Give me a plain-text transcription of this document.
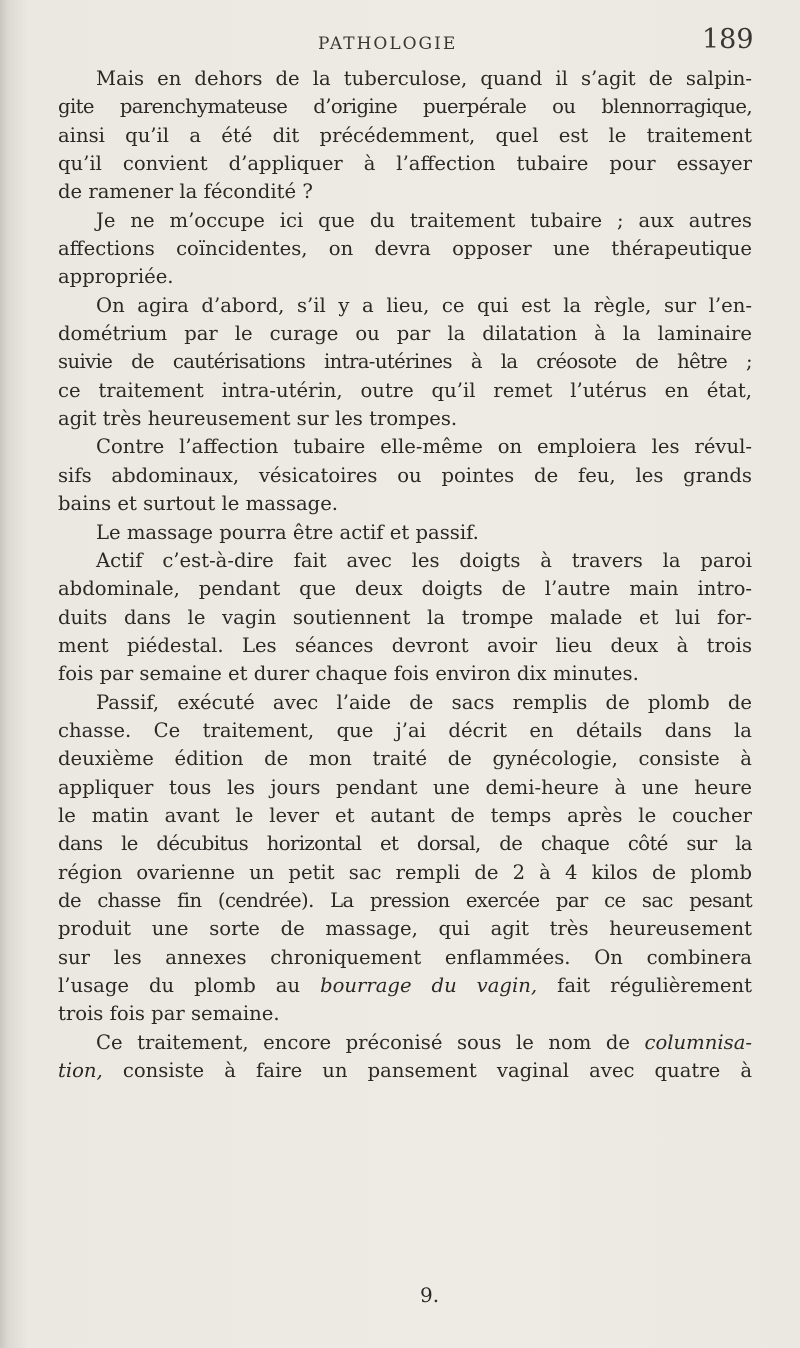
PATHOLOGIE	189
Mais en dehors de la tuberculose, quand il s’agit de salpin-
gite parenchymateuse d’origine puerpérale ou blennorragique,
ainsi qu’il a été dit précédemment, quel est le traitement
qu’il convient d’appliquer à l’affection tubaire pour essayer
de ramener la fécondité ?
Je ne m’occupe ici que du traitement tubaire ; aux autres
affections coïncidentes, on devra opposer une thérapeutique
appropriée.
On agira d’abord, s’il y a lieu, ce qui est la règle, sur l’en-
dométrium par le curage ou par la dilatation à la laminaire
suivie de cautérisations intra-utérines à la créosote de hêtre ;
ce traitement intra-utérin, outre qu’il remet l’utérus en état,
agit très heureusement sur les trompes.
Contre l’affection tubaire elle-même on emploiera les révul-
sifs abdominaux, vésicatoires ou pointes de feu, les grands
bains et surtout le massage.
Le massage pourra être actif et passif.
Actif c’est-à-dire fait avec les doigts à travers la paroi
abdominale, pendant que deux doigts de l’autre main intro-
duits dans le vagin soutiennent la trompe malade et lui for-
ment piédestal. Les séances devront avoir lieu deux à trois
fois par semaine et durer chaque fois environ dix minutes.
Passif, exécuté avec l’aide de sacs remplis de plomb de
chasse. Ce traitement, que j’ai décrit en détails dans la
deuxième édition de mon traité de gynécologie, consiste à
appliquer tous les jours pendant une demi-heure à une heure
le matin avant le lever et autant de temps après le coucher
dans le décubitus horizontal et dorsal, de chaque côté sur la
région ovarienne un petit sac rempli de 2 à 4 kilos de plomb
de chasse fin (cendrée). La pression exercée par ce sac pesant
produit une sorte de massage, qui agit très heureusement
sur les annexes chroniquement enflammées. On combinera
l’usage du plomb au bourrage du vagin, fait régulièrement
trois fois par semaine.
Ce traitement, encore préconisé sous le nom de columnisa-
tion, consiste à faire un pansement vaginal avec quatre à
9.
